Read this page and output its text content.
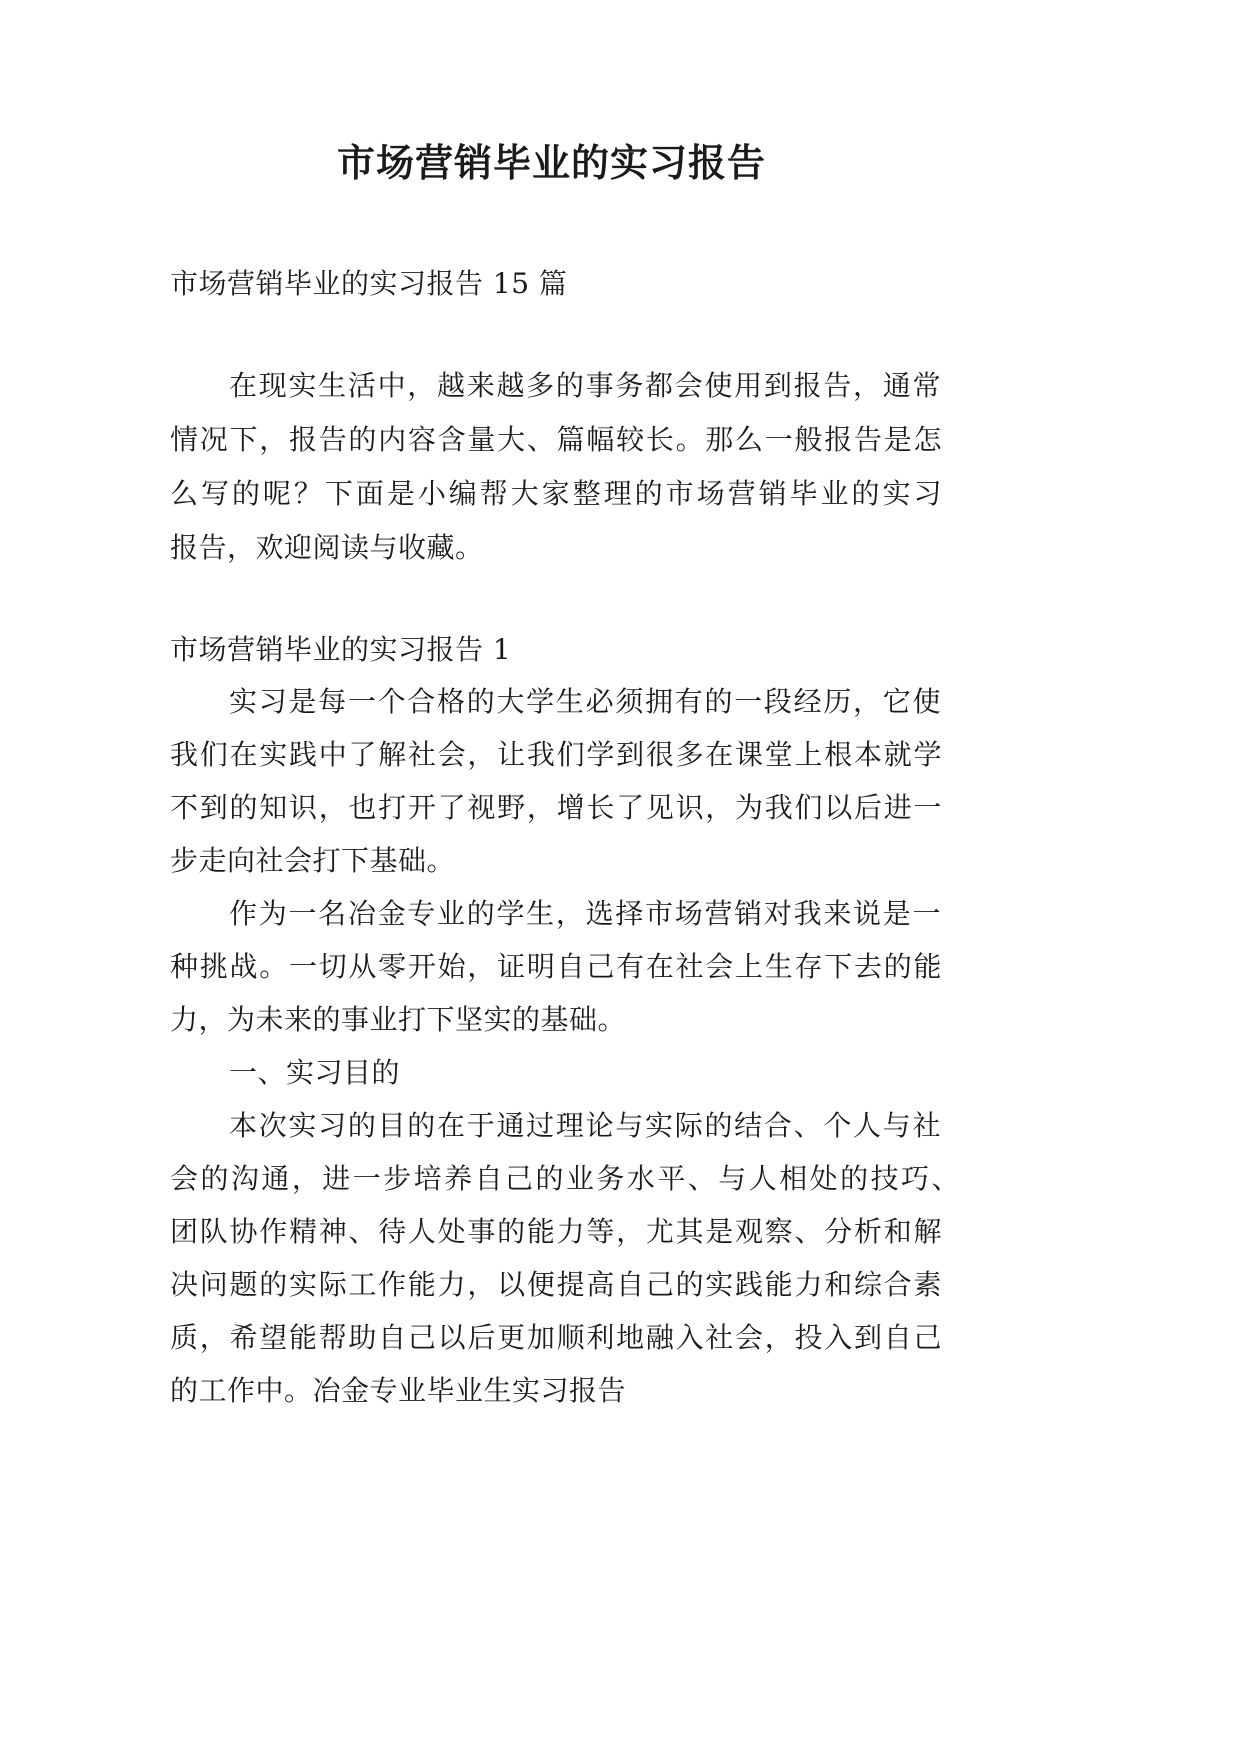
市场营销毕业的实习报告
市场营销毕业的实习报告 15 篇
在现实生活中，越来越多的事务都会使用到报告，通常
情况下，报告的内容含量大、篇幅较长。那么一般报告是怎
么写的呢？下面是小编帮大家整理的市场营销毕业的实习
报告，欢迎阅读与收藏。
市场营销毕业的实习报告 1
实习是每一个合格的大学生必须拥有的一段经历，它使
我们在实践中了解社会，让我们学到很多在课堂上根本就学
不到的知识，也打开了视野，增长了见识，为我们以后进一
步走向社会打下基础。
作为一名冶金专业的学生，选择市场营销对我来说是一
种挑战。一切从零开始，证明自己有在社会上生存下去的能
力，为未来的事业打下坚实的基础。
一、实习目的
本次实习的目的在于通过理论与实际的结合、个人与社
会的沟通，进一步培养自己的业务水平、与人相处的技巧、
团队协作精神、待人处事的能力等，尤其是观察、分析和解
决问题的实际工作能力，以便提高自己的实践能力和综合素
质，希望能帮助自己以后更加顺利地融入社会，投入到自己
的工作中。冶金专业毕业生实习报告
